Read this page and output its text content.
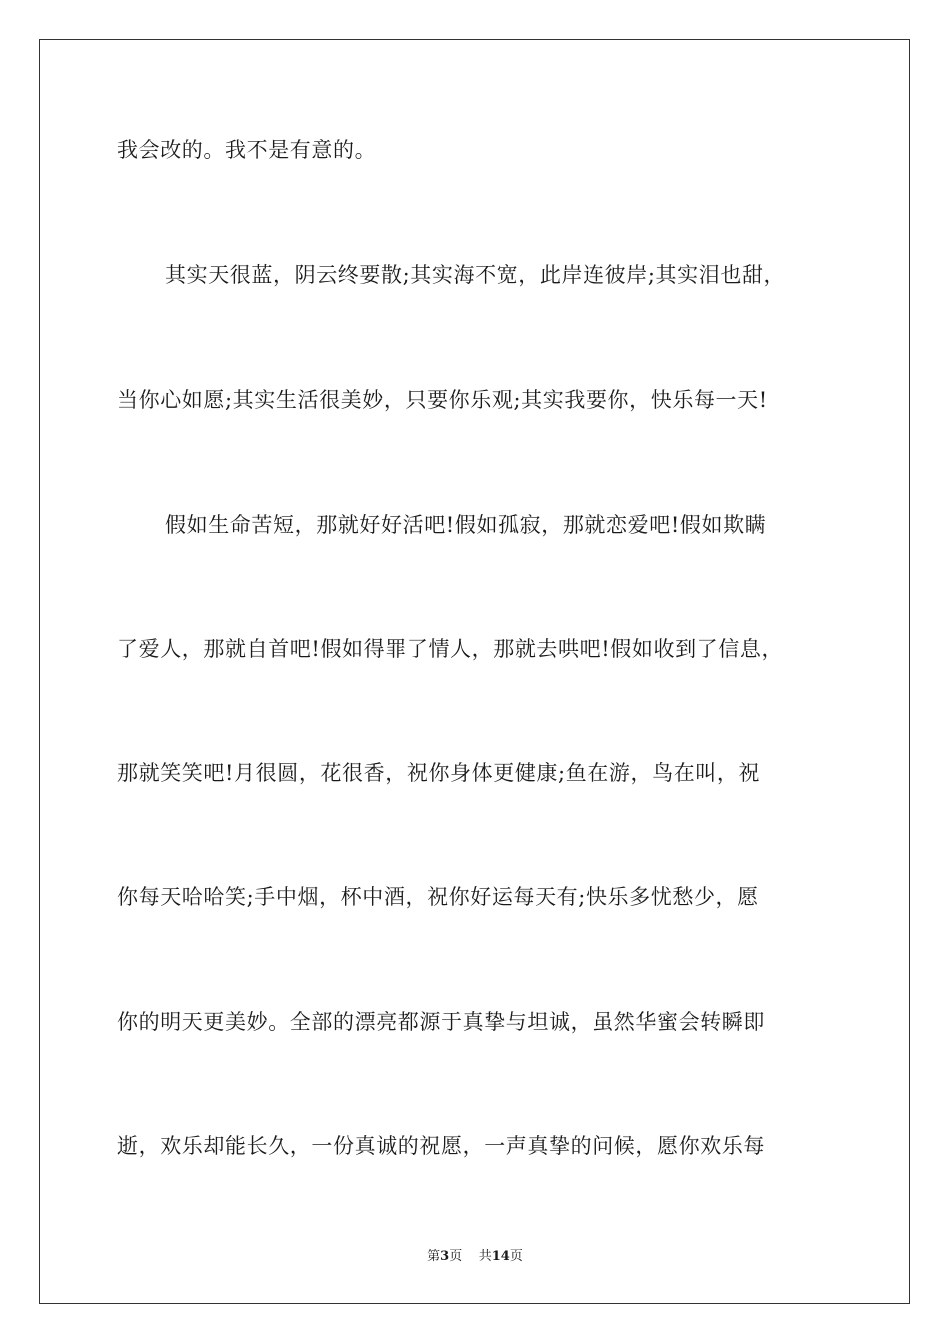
我会改的。我不是有意的。
其实天很蓝，阴云终要散;其实海不宽，此岸连彼岸;其实泪也甜，
当你心如愿;其实生活很美妙，只要你乐观;其实我要你，快乐每一天!
假如生命苦短，那就好好活吧!假如孤寂，那就恋爱吧!假如欺瞒
了爱人，那就自首吧!假如得罪了情人，那就去哄吧!假如收到了信息，
那就笑笑吧!月很圆，花很香，祝你身体更健康;鱼在游，鸟在叫，祝
你每天哈哈笑;手中烟，杯中酒，祝你好运每天有;快乐多忧愁少，愿
你的明天更美妙。全部的漂亮都源于真挚与坦诚，虽然华蜜会转瞬即
逝，欢乐却能长久，一份真诚的祝愿，一声真挚的问候，愿你欢乐每
第3页 共14页
